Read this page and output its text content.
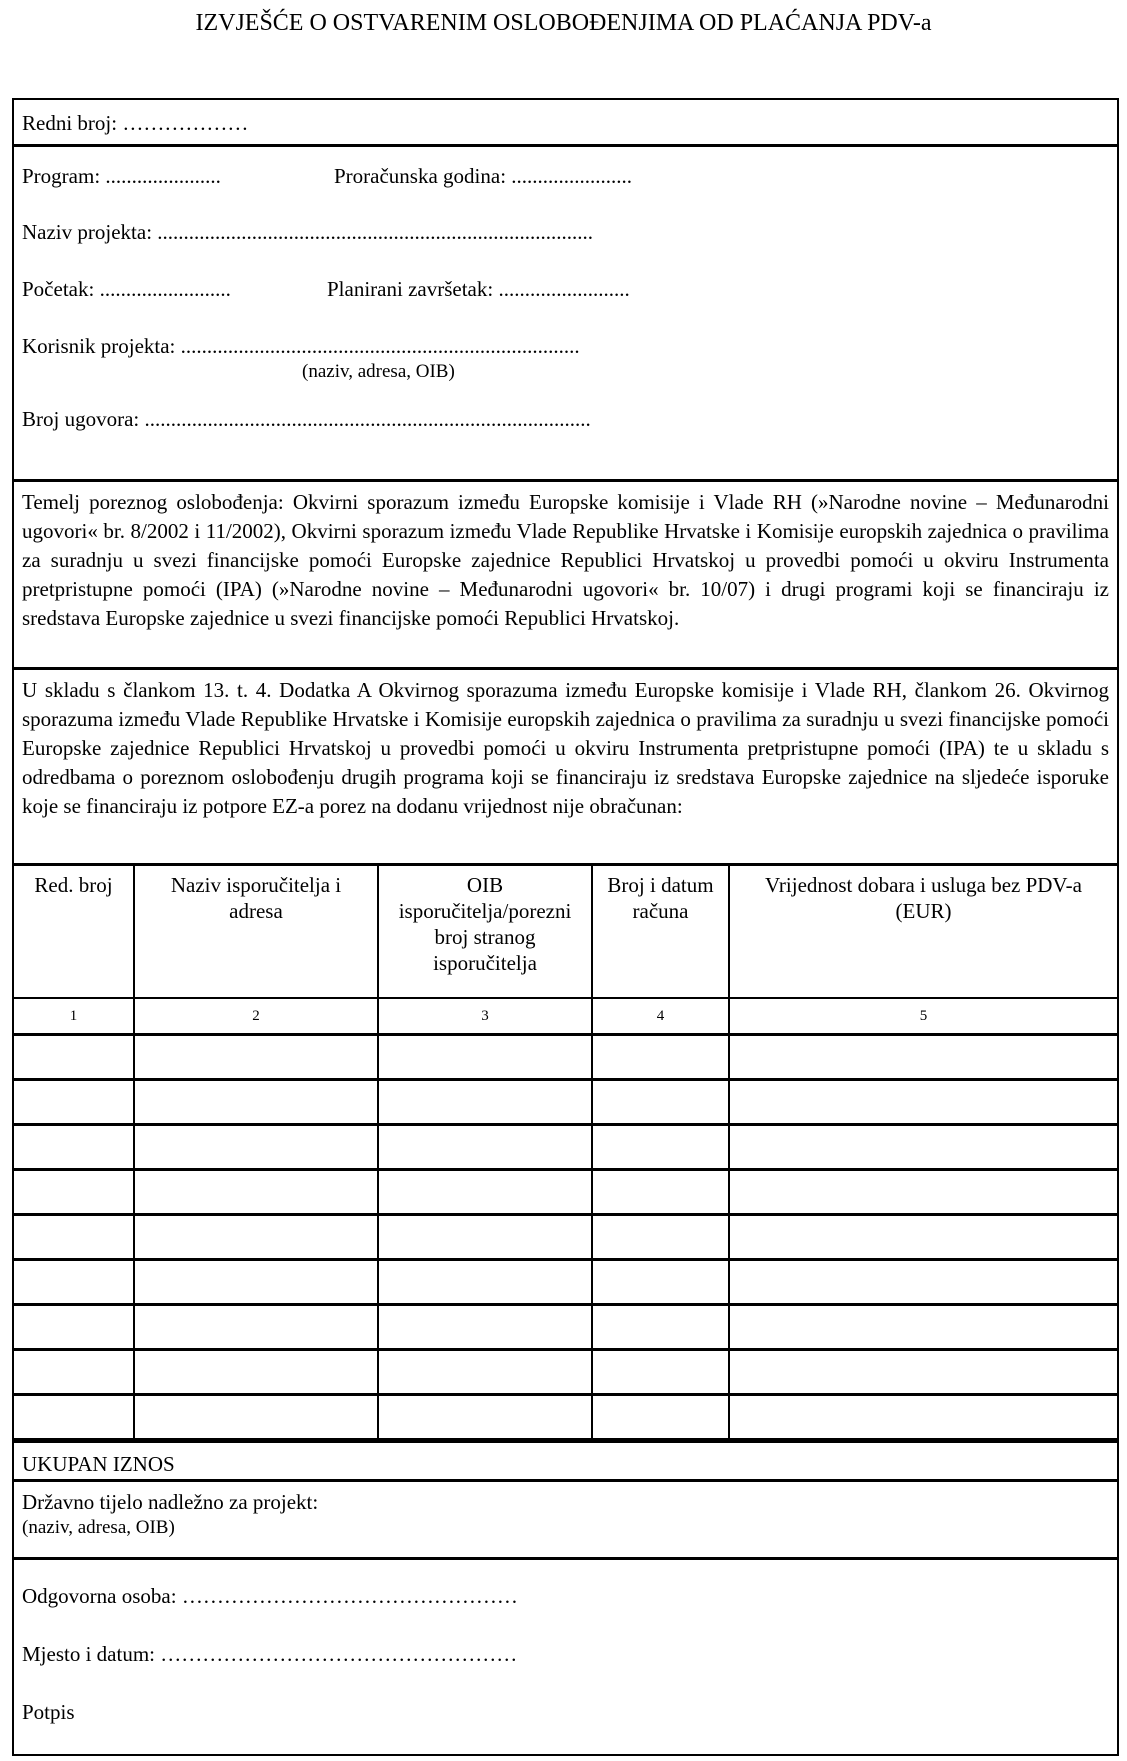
IZVJEŠĆE O OSTVARENIM OSLOBOĐENJIMA OD PLAĆANJA PDV-a
Redni broj: ………………
Program: ......................	Proračunska godina: .......................
Naziv projekta: ...................................................................................
Početak: .........................	Planirani završetak: .........................
Korisnik projekta: ............................................................................
(naziv, adresa, OIB)
Broj ugovora: .....................................................................................
Temelj poreznog oslobođenja: Okvirni sporazum između Europske komisije i Vlade RH (»Narodne novine – Međunarodni ugovori« br. 8/2002 i 11/2002), Okvirni sporazum između Vlade Republike Hrvatske i Komisije europskih zajednica o pravilima za suradnju u svezi financijske pomoći Europske zajednice Republici Hrvatskoj u provedbi pomoći u okviru Instrumenta pretpristupne pomoći (IPA) (»Narodne novine – Međunarodni ugovori« br. 10/07) i drugi programi koji se financiraju iz sredstava Europske zajednice u svezi financijske pomoći Republici Hrvatskoj.
U skladu s člankom 13. t. 4. Dodatka A Okvirnog sporazuma između Europske komisije i Vlade RH, člankom 26. Okvirnog sporazuma između Vlade Republike Hrvatske i Komisije europskih zajednica o pravilima za suradnju u svezi financijske pomoći Europske zajednice Republici Hrvatskoj u provedbi pomoći u okviru Instrumenta pretpristupne pomoći (IPA) te u skladu s odredbama o poreznom oslobođenju drugih programa koji se financiraju iz sredstava Europske zajednice na sljedeće isporuke koje se financiraju iz potpore EZ-a porez na dodanu vrijednost nije obračunan:
Red. broj	Naziv isporučitelja i adresa	OIB isporučitelja/porezni broj stranog isporučitelja	Broj i datum računa	Vrijednost dobara i usluga bez PDV-a (EUR)
1	2	3	4	5

UKUPAN IZNOS
Državno tijelo nadležno za projekt:
(naziv, adresa, OIB)
Odgovorna osoba: …………………………………………
Mjesto i datum: ……………………………………………
Potpis
